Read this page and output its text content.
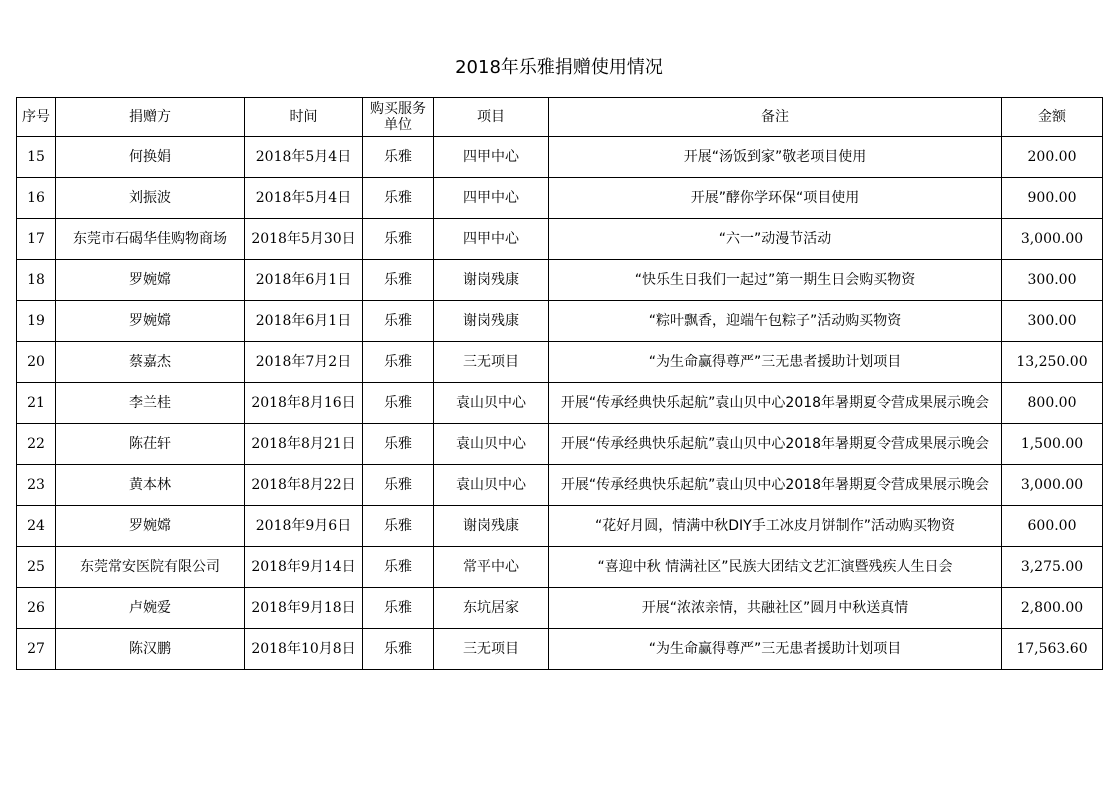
2018年乐雅捐赠使用情况
序号	捐赠方	时间	购买服务单位	项目	备注	金额
15	何换娟	2018年5月4日	乐雅	四甲中心	开展“汤饭到家”敬老项目使用	200.00
16	刘振波	2018年5月4日	乐雅	四甲中心	开展”酵你学环保“项目使用	900.00
17	东莞市石碣华佳购物商场	2018年5月30日	乐雅	四甲中心	“六一”动漫节活动	3,000.00
18	罗婉嫦	2018年6月1日	乐雅	谢岗残康	“快乐生日我们一起过”第一期生日会购买物资	300.00
19	罗婉嫦	2018年6月1日	乐雅	谢岗残康	“粽叶飘香，迎端午包粽子”活动购买物资	300.00
20	蔡嘉杰	2018年7月2日	乐雅	三无项目	“为生命赢得尊严”三无患者援助计划项目	13,250.00
21	李兰桂	2018年8月16日	乐雅	袁山贝中心	开展“传承经典快乐起航”袁山贝中心2018年暑期夏令营成果展示晚会	800.00
22	陈茌轩	2018年8月21日	乐雅	袁山贝中心	开展“传承经典快乐起航”袁山贝中心2018年暑期夏令营成果展示晚会	1,500.00
23	黄本林	2018年8月22日	乐雅	袁山贝中心	开展“传承经典快乐起航”袁山贝中心2018年暑期夏令营成果展示晚会	3,000.00
24	罗婉嫦	2018年9月6日	乐雅	谢岗残康	“花好月圆，情满中秋DIY手工冰皮月饼制作”活动购买物资	600.00
25	东莞常安医院有限公司	2018年9月14日	乐雅	常平中心	“喜迎中秋 情满社区”民族大团结文艺汇演暨残疾人生日会	3,275.00
26	卢婉爱	2018年9月18日	乐雅	东坑居家	开展“浓浓亲情，共融社区”圆月中秋送真情	2,800.00
27	陈汉鹏	2018年10月8日	乐雅	三无项目	“为生命赢得尊严”三无患者援助计划项目	17,563.60
